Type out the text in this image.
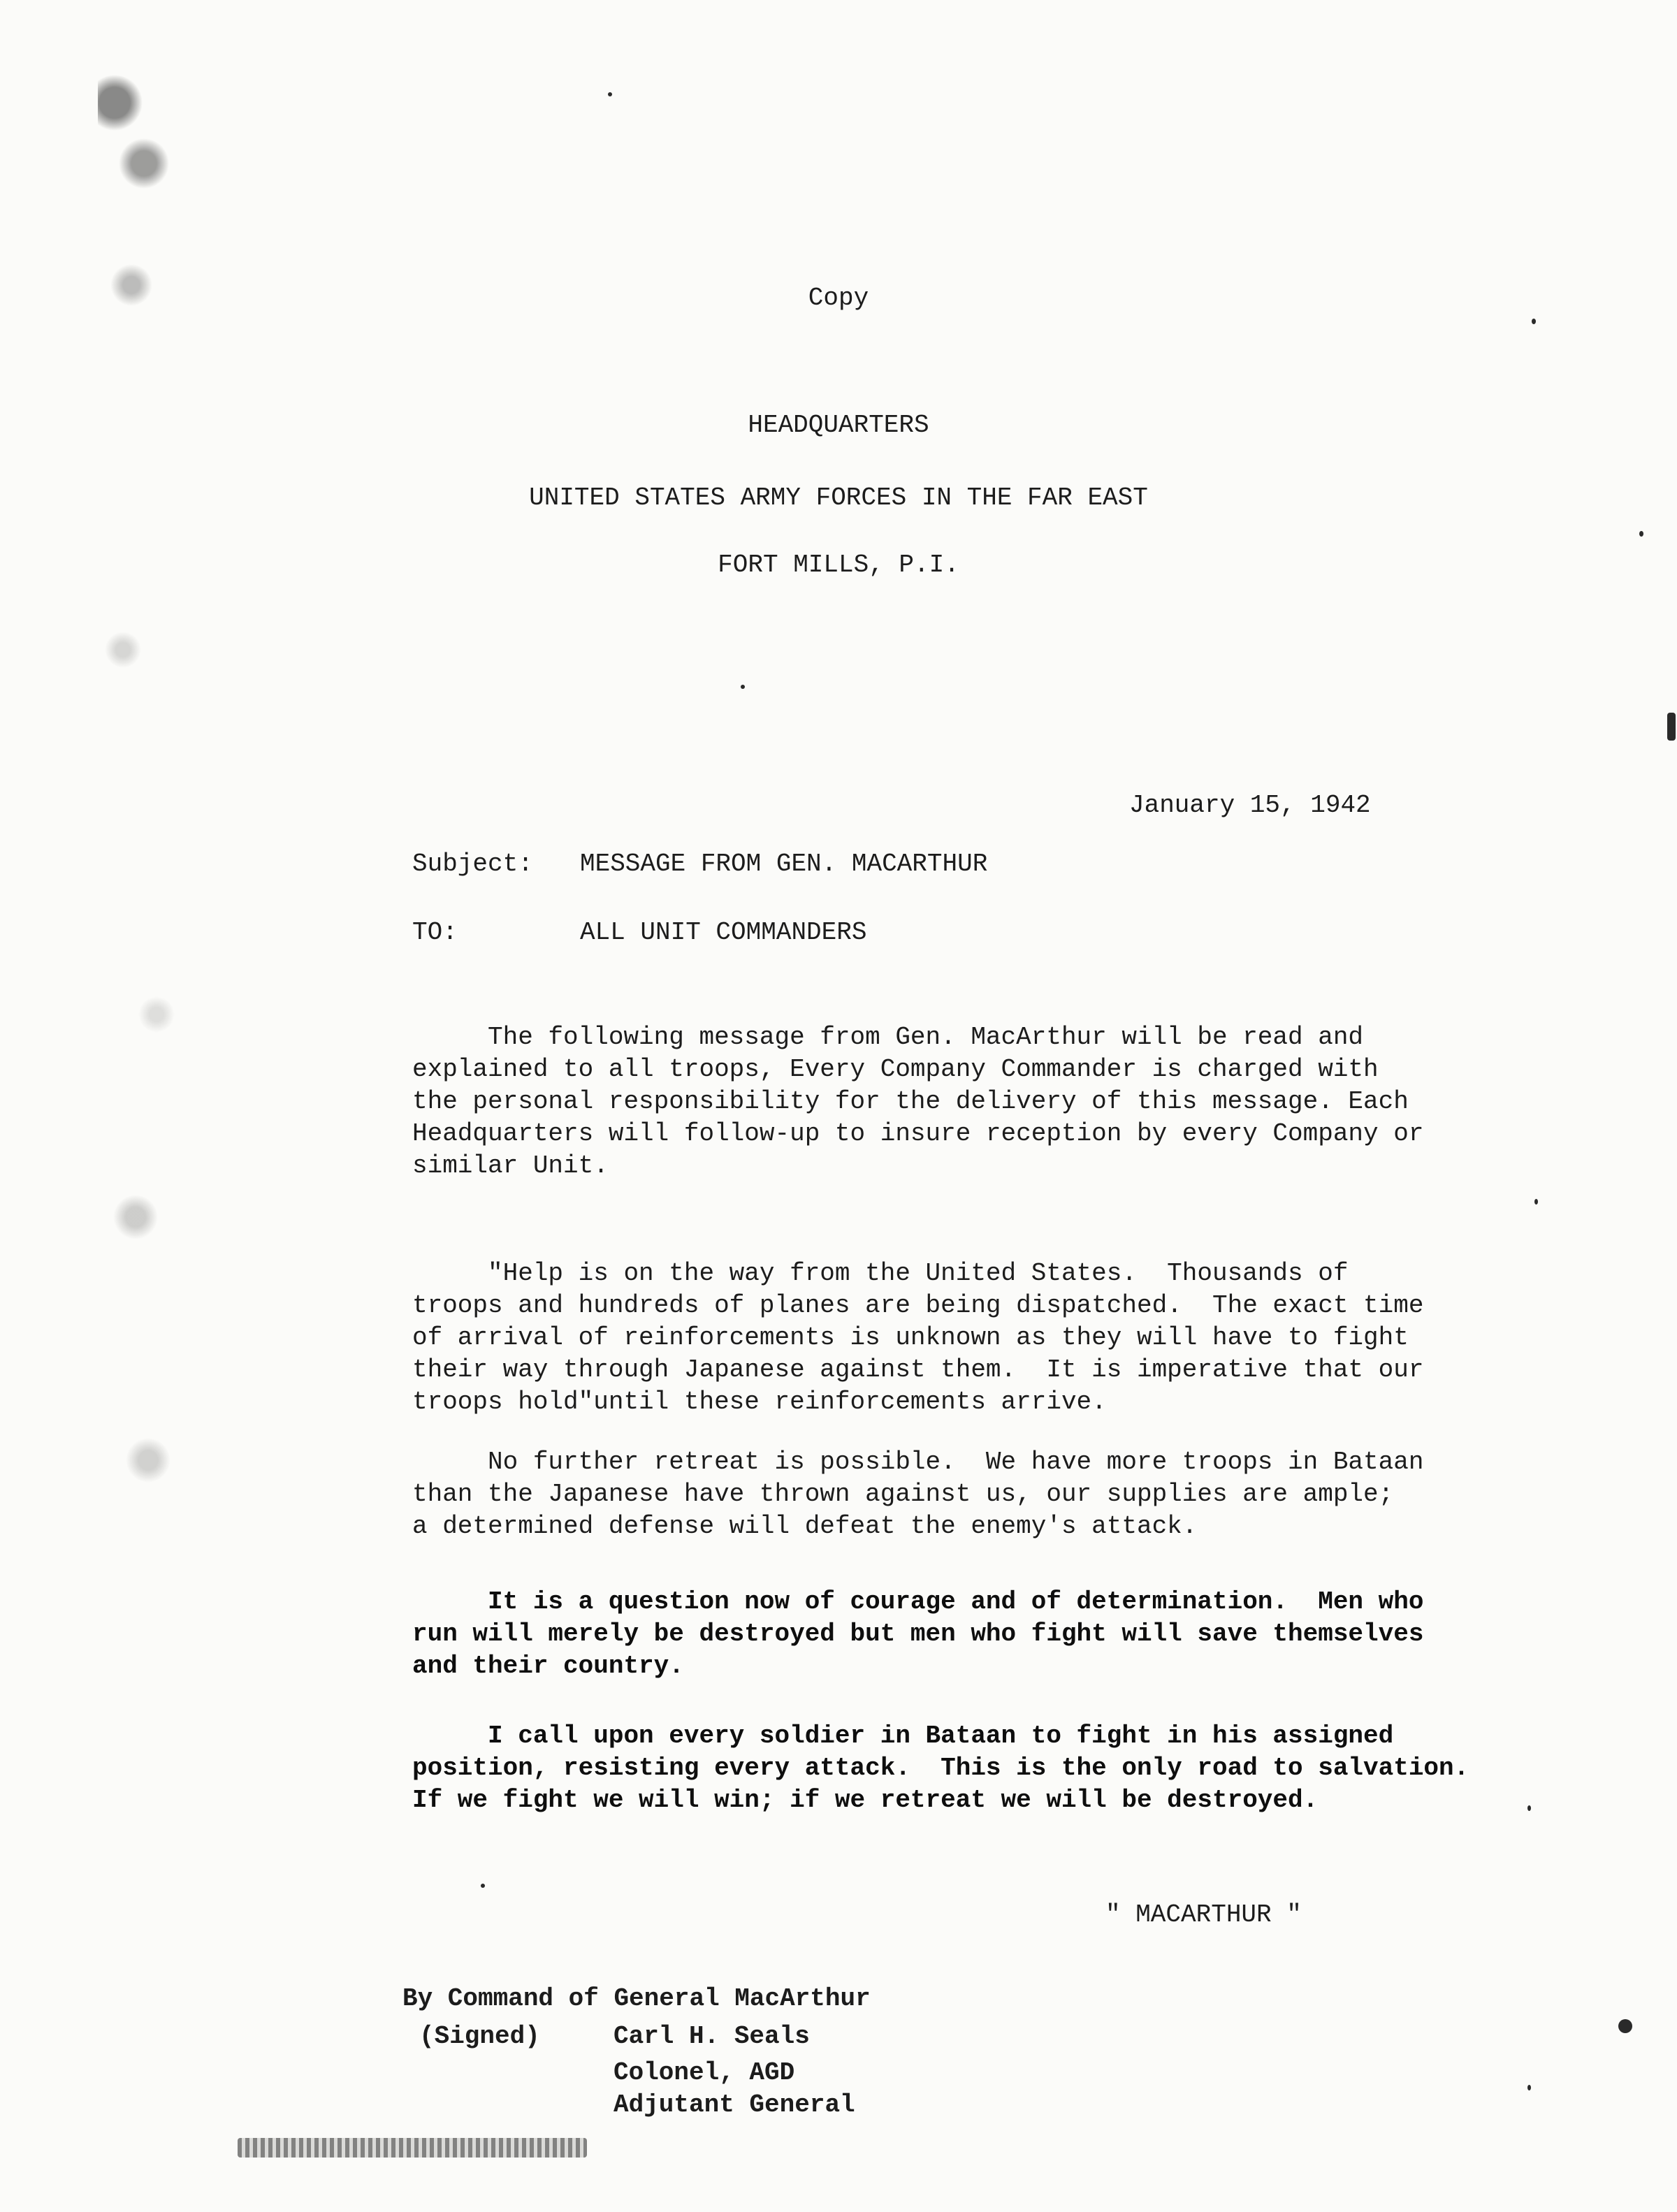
Copy
HEADQUARTERS
UNITED STATES ARMY FORCES IN THE FAR EAST
FORT MILLS, P.I.
January 15, 1942
Subject: MESSAGE FROM GEN. MACARTHUR
TO:	ALL UNIT COMMANDERS
The following message from Gen. MacArthur will be read and
explained to all troops, Every Company Commander is charged with
the personal responsibility for the delivery of this message. Each
Headquarters will follow-up to insure reception by every Company or
similar Unit.
"Help is on the way from the United States.  Thousands of
troops and hundreds of planes are being dispatched.  The exact time
of arrival of reinforcements is unknown as they will have to fight
their way through Japanese against them.  It is imperative that our
troops hold"until these reinforcements arrive.
No further retreat is possible.  We have more troops in Bataan
than the Japanese have thrown against us, our supplies are ample;
a determined defense will defeat the enemy's attack.
It is a question now of courage and of determination.  Men who
run will merely be destroyed but men who fight will save themselves
and their country.
I call upon every soldier in Bataan to fight in his assigned
position, resisting every attack.  This is the only road to salvation.
If we fight we will win; if we retreat we will be destroyed.
" MACARTHUR "
By Command of General MacArthur
(Signed)	Carl H. Seals
Colonel, AGD
Adjutant General
